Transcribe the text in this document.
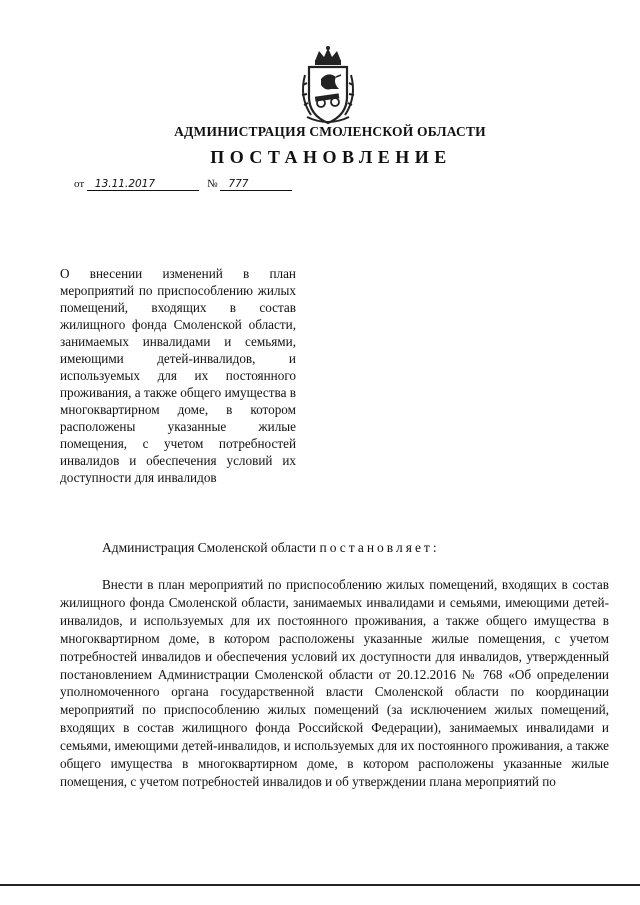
АДМИНИСТРАЦИЯ СМОЛЕНСКОЙ ОБЛАСТИ
ПОСТАНОВЛЕНИЕ
от 13.11.2017	№ 777
О внесении изменений в план мероприятий по приспособлению жилых помещений, входящих в состав жилищного фонда Смоленской области, занимаемых инвалидами и семьями, имеющими детей-инвалидов, и используемых для их постоянного проживания, а также общего имущества в многоквартирном доме, в котором расположены указанные жилые помещения, с учетом потребностей инвалидов и обеспечения условий их доступности для инвалидов
Администрация Смоленской области постановляет:
Внести в план мероприятий по приспособлению жилых помещений, входящих в состав жилищного фонда Смоленской области, занимаемых инвалидами и семьями, имеющими детей-инвалидов, и используемых для их постоянного проживания, а также общего имущества в многоквартирном доме, в котором расположены указанные жилые помещения, с учетом потребностей инвалидов и обеспечения условий их доступности для инвалидов, утвержденный постановлением Администрации Смоленской области от 20.12.2016 № 768 «Об определении уполномоченного органа государственной власти Смоленской области по координации мероприятий по приспособлению жилых помещений (за исключением жилых помещений, входящих в состав жилищного фонда Российской Федерации), занимаемых инвалидами и семьями, имеющими детей-инвалидов, и используемых для их постоянного проживания, а также общего имущества в многоквартирном доме, в котором расположены указанные жилые помещения, с учетом потребностей инвалидов и об утверждении плана мероприятий по
